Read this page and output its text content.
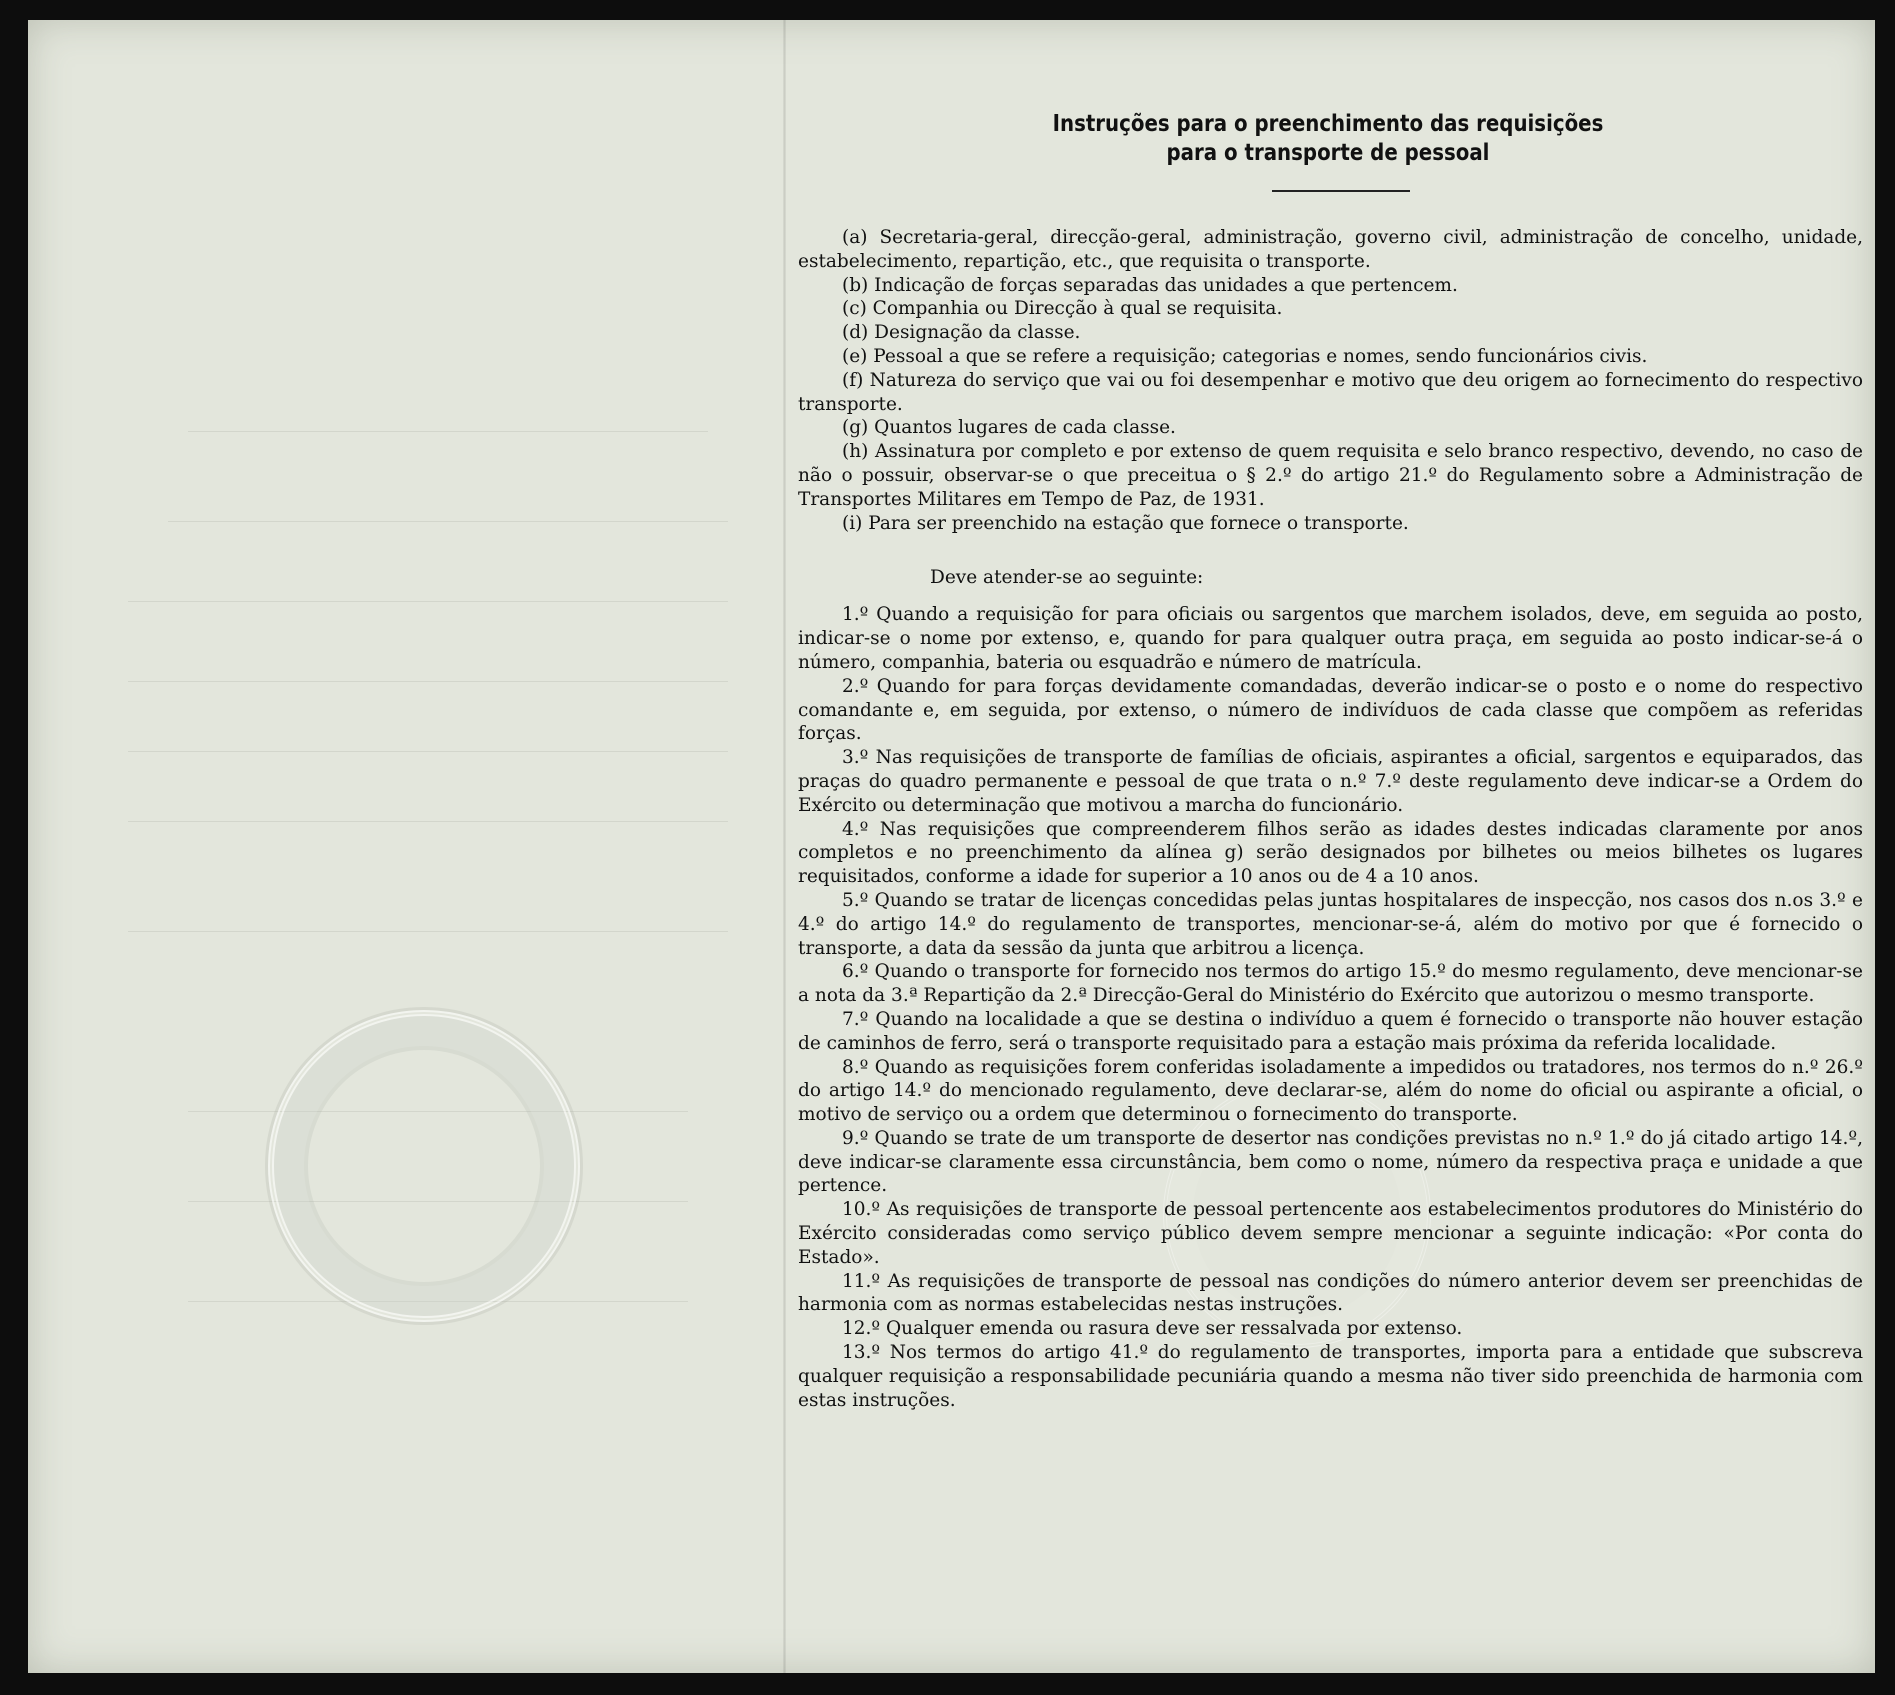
Instruções para o preenchimento das requisições
para o transporte de pessoal

(a) Secretaria-geral, direcção-geral, administração, governo civil, administração de concelho, unidade, estabelecimento, repartição, etc., que requisita o transporte.

(b) Indicação de forças separadas das unidades a que pertencem.

(c) Companhia ou Direcção à qual se requisita.

(d) Designação da classe.

(e) Pessoal a que se refere a requisição; categorias e nomes, sendo funcionários civis.

(f) Natureza do serviço que vai ou foi desempenhar e motivo que deu origem ao fornecimento do respectivo transporte.

(g) Quantos lugares de cada classe.

(h) Assinatura por completo e por extenso de quem requisita e selo branco respectivo, devendo, no caso de não o possuir, observar-se o que preceitua o § 2.º do artigo 21.º do Regulamento sobre a Administração de Transportes Militares em Tempo de Paz, de 1931.

(i) Para ser preenchido na estação que fornece o transporte.

Deve atender-se ao seguinte:

1.º Quando a requisição for para oficiais ou sargentos que marchem isolados, deve, em seguida ao posto, indicar-se o nome por extenso, e, quando for para qualquer outra praça, em seguida ao posto indicar-se-á o número, companhia, bateria ou esquadrão e número de matrícula.

2.º Quando for para forças devidamente comandadas, deverão indicar-se o posto e o nome do respectivo comandante e, em seguida, por extenso, o número de indivíduos de cada classe que compõem as referidas forças.

3.º Nas requisições de transporte de famílias de oficiais, aspirantes a oficial, sargentos e equiparados, das praças do quadro permanente e pessoal de que trata o n.º 7.º deste regulamento deve indicar-se a Ordem do Exército ou determinação que motivou a marcha do funcionário.

4.º Nas requisições que compreenderem filhos serão as idades destes indicadas claramente por anos completos e no preenchimento da alínea g) serão designados por bilhetes ou meios bilhetes os lugares requisitados, conforme a idade for superior a 10 anos ou de 4 a 10 anos.

5.º Quando se tratar de licenças concedidas pelas juntas hospitalares de inspecção, nos casos dos n.os 3.º e 4.º do artigo 14.º do regulamento de transportes, mencionar-se-á, além do motivo por que é fornecido o transporte, a data da sessão da junta que arbitrou a licença.

6.º Quando o transporte for fornecido nos termos do artigo 15.º do mesmo regulamento, deve mencionar-se a nota da 3.ª Repartição da 2.ª Direcção-Geral do Ministério do Exército que autorizou o mesmo transporte.

7.º Quando na localidade a que se destina o indivíduo a quem é fornecido o transporte não houver estação de caminhos de ferro, será o transporte requisitado para a estação mais próxima da referida localidade.

8.º Quando as requisições forem conferidas isoladamente a impedidos ou tratadores, nos termos do n.º 26.º do artigo 14.º do mencionado regulamento, deve declarar-se, além do nome do oficial ou aspirante a oficial, o motivo de serviço ou a ordem que determinou o fornecimento do transporte.

9.º Quando se trate de um transporte de desertor nas condições previstas no n.º 1.º do já citado artigo 14.º, deve indicar-se claramente essa circunstância, bem como o nome, número da respectiva praça e unidade a que pertence.

10.º As requisições de transporte de pessoal pertencente aos estabelecimentos produtores do Ministério do Exército consideradas como serviço público devem sempre mencionar a seguinte indicação: «Por conta do Estado».

11.º As requisições de transporte de pessoal nas condições do número anterior devem ser preenchidas de harmonia com as normas estabelecidas nestas instruções.

12.º Qualquer emenda ou rasura deve ser ressalvada por extenso.

13.º Nos termos do artigo 41.º do regulamento de transportes, importa para a entidade que subscreva qualquer requisição a responsabilidade pecuniária quando a mesma não tiver sido preenchida de harmonia com estas instruções.
